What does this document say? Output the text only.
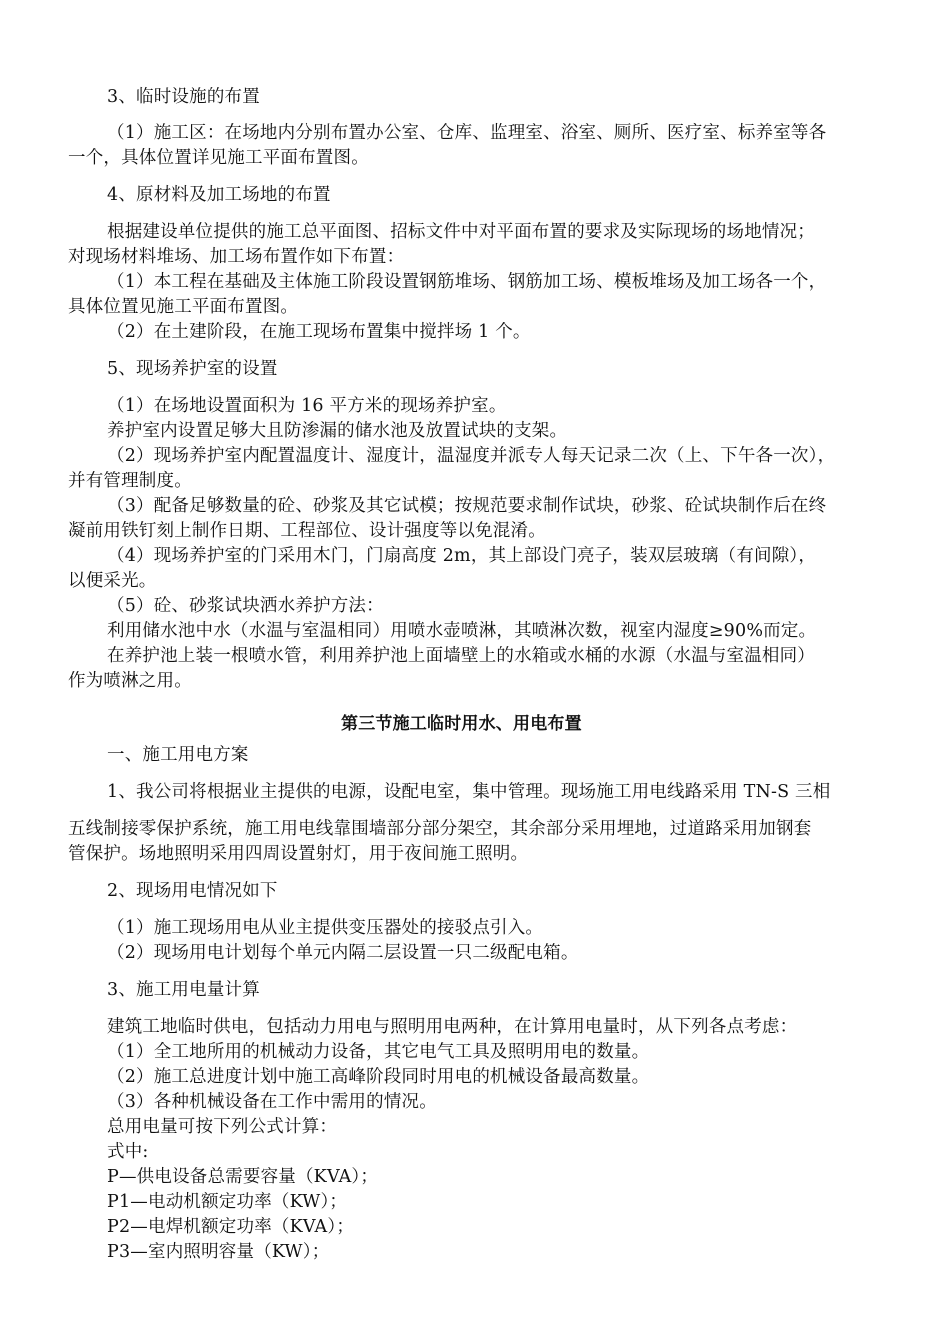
3、临时设施的布置
（1）施工区：在场地内分别布置办公室、仓库、监理室、浴室、厕所、医疗室、标养室等各
一个，具体位置详见施工平面布置图。
4、原材料及加工场地的布置
根据建设单位提供的施工总平面图、招标文件中对平面布置的要求及实际现场的场地情况；
对现场材料堆场、加工场布置作如下布置：
（1）本工程在基础及主体施工阶段设置钢筋堆场、钢筋加工场、模板堆场及加工场各一个，
具体位置见施工平面布置图。
（2）在土建阶段，在施工现场布置集中搅拌场 1 个。
5、现场养护室的设置
（1）在场地设置面积为 16 平方米的现场养护室。
养护室内设置足够大且防渗漏的储水池及放置试块的支架。
（2）现场养护室内配置温度计、湿度计，温湿度并派专人每天记录二次（上、下午各一次），
并有管理制度。
（3）配备足够数量的砼、砂浆及其它试模；按规范要求制作试块，砂浆、砼试块制作后在终
凝前用铁钉刻上制作日期、工程部位、设计强度等以免混淆。
（4）现场养护室的门采用木门，门扇高度 2m，其上部设门亮子，装双层玻璃（有间隙），
以便采光。
（5）砼、砂浆试块洒水养护方法：
利用储水池中水（水温与室温相同）用喷水壶喷淋，其喷淋次数，视室内湿度≥90%而定。
在养护池上装一根喷水管，利用养护池上面墙壁上的水箱或水桶的水源（水温与室温相同）
作为喷淋之用。
第三节施工临时用水、用电布置
一、施工用电方案
1、我公司将根据业主提供的电源，设配电室，集中管理。现场施工用电线路采用 TN-S 三相
五线制接零保护系统，施工用电线靠围墙部分部分架空，其余部分采用埋地，过道路采用加钢套
管保护。场地照明采用四周设置射灯，用于夜间施工照明。
2、现场用电情况如下
（1）施工现场用电从业主提供变压器处的接驳点引入。
（2）现场用电计划每个单元内隔二层设置一只二级配电箱。
3、施工用电量计算
建筑工地临时供电，包括动力用电与照明用电两种，在计算用电量时，从下列各点考虑：
（1）全工地所用的机械动力设备，其它电气工具及照明用电的数量。
（2）施工总进度计划中施工高峰阶段同时用电的机械设备最高数量。
（3）各种机械设备在工作中需用的情况。
总用电量可按下列公式计算：
式中:
P—供电设备总需要容量（KVA）；
P1—电动机额定功率（KW）；
P2—电焊机额定功率（KVA）；
P3—室内照明容量（KW）；
